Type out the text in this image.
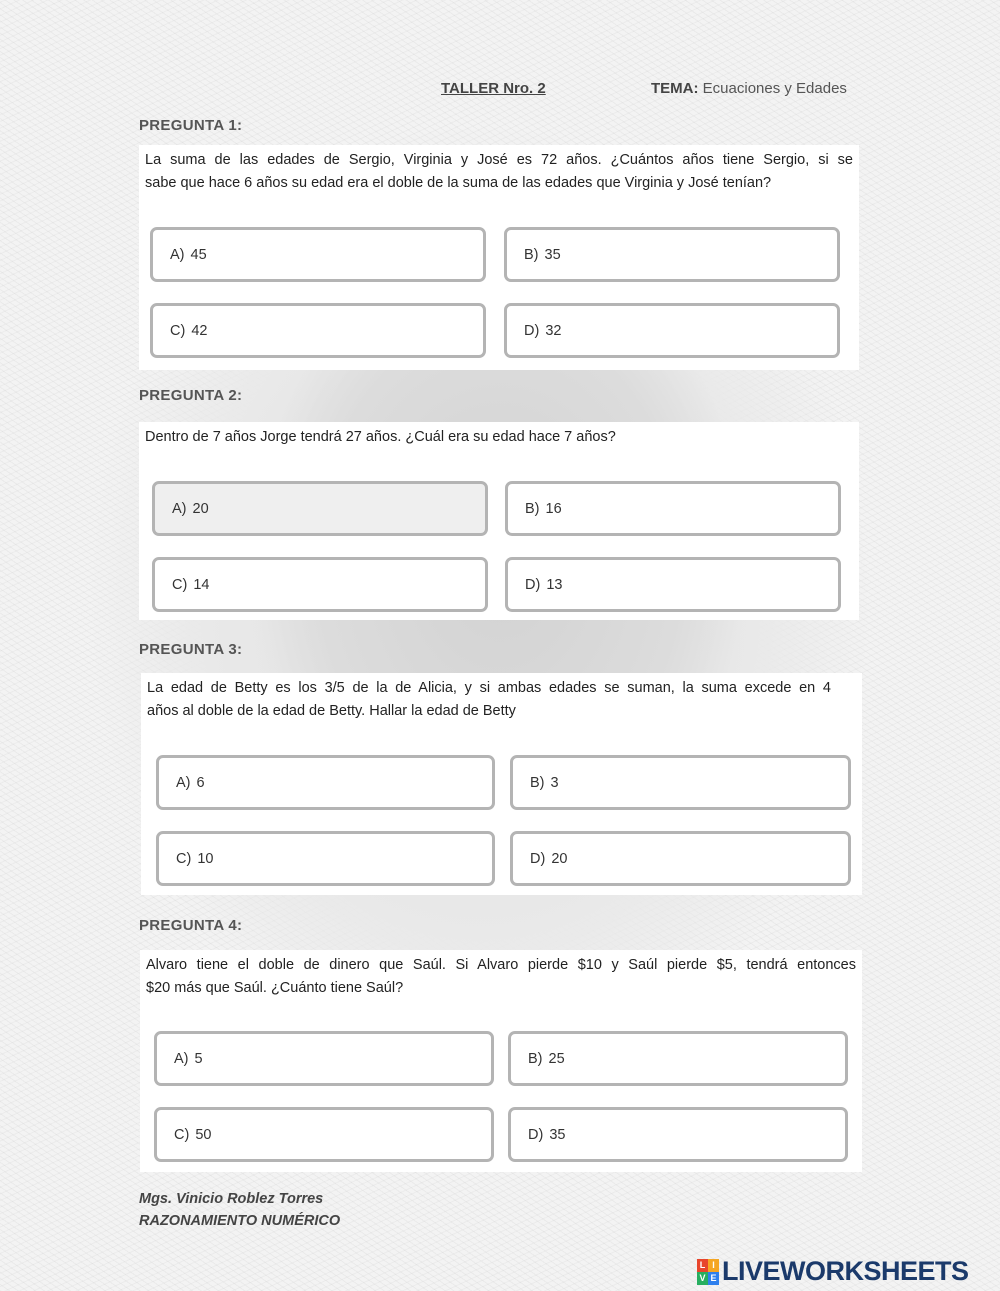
TALLER Nro. 2	TEMA: Ecuaciones y Edades
PREGUNTA 1:
La suma de las edades de Sergio, Virginia y José es 72 años. ¿Cuántos años tiene Sergio, si se
sabe que hace 6 años su edad era el doble de la suma de las edades que Virginia y José tenían?
A) 45	B) 35
C) 42	D) 32
PREGUNTA 2:
Dentro de 7 años Jorge tendrá 27 años. ¿Cuál era su edad hace 7 años?
A) 20	B) 16
C) 14	D) 13
PREGUNTA 3:
La edad de Betty es los 3/5 de la de Alicia, y si ambas edades se suman, la suma excede en 4
años al doble de la edad de Betty. Hallar la edad de Betty
A) 6	B) 3
C) 10	D) 20
PREGUNTA 4:
Alvaro tiene el doble de dinero que Saúl. Si Alvaro pierde $10 y Saúl pierde $5, tendrá entonces
$20 más que Saúl. ¿Cuánto tiene Saúl?
A) 5	B) 25
C) 50	D) 35
Mgs. Vinicio Roblez Torres
RAZONAMIENTO NUMÉRICO
L I
V E LIVEWORKSHEETS
